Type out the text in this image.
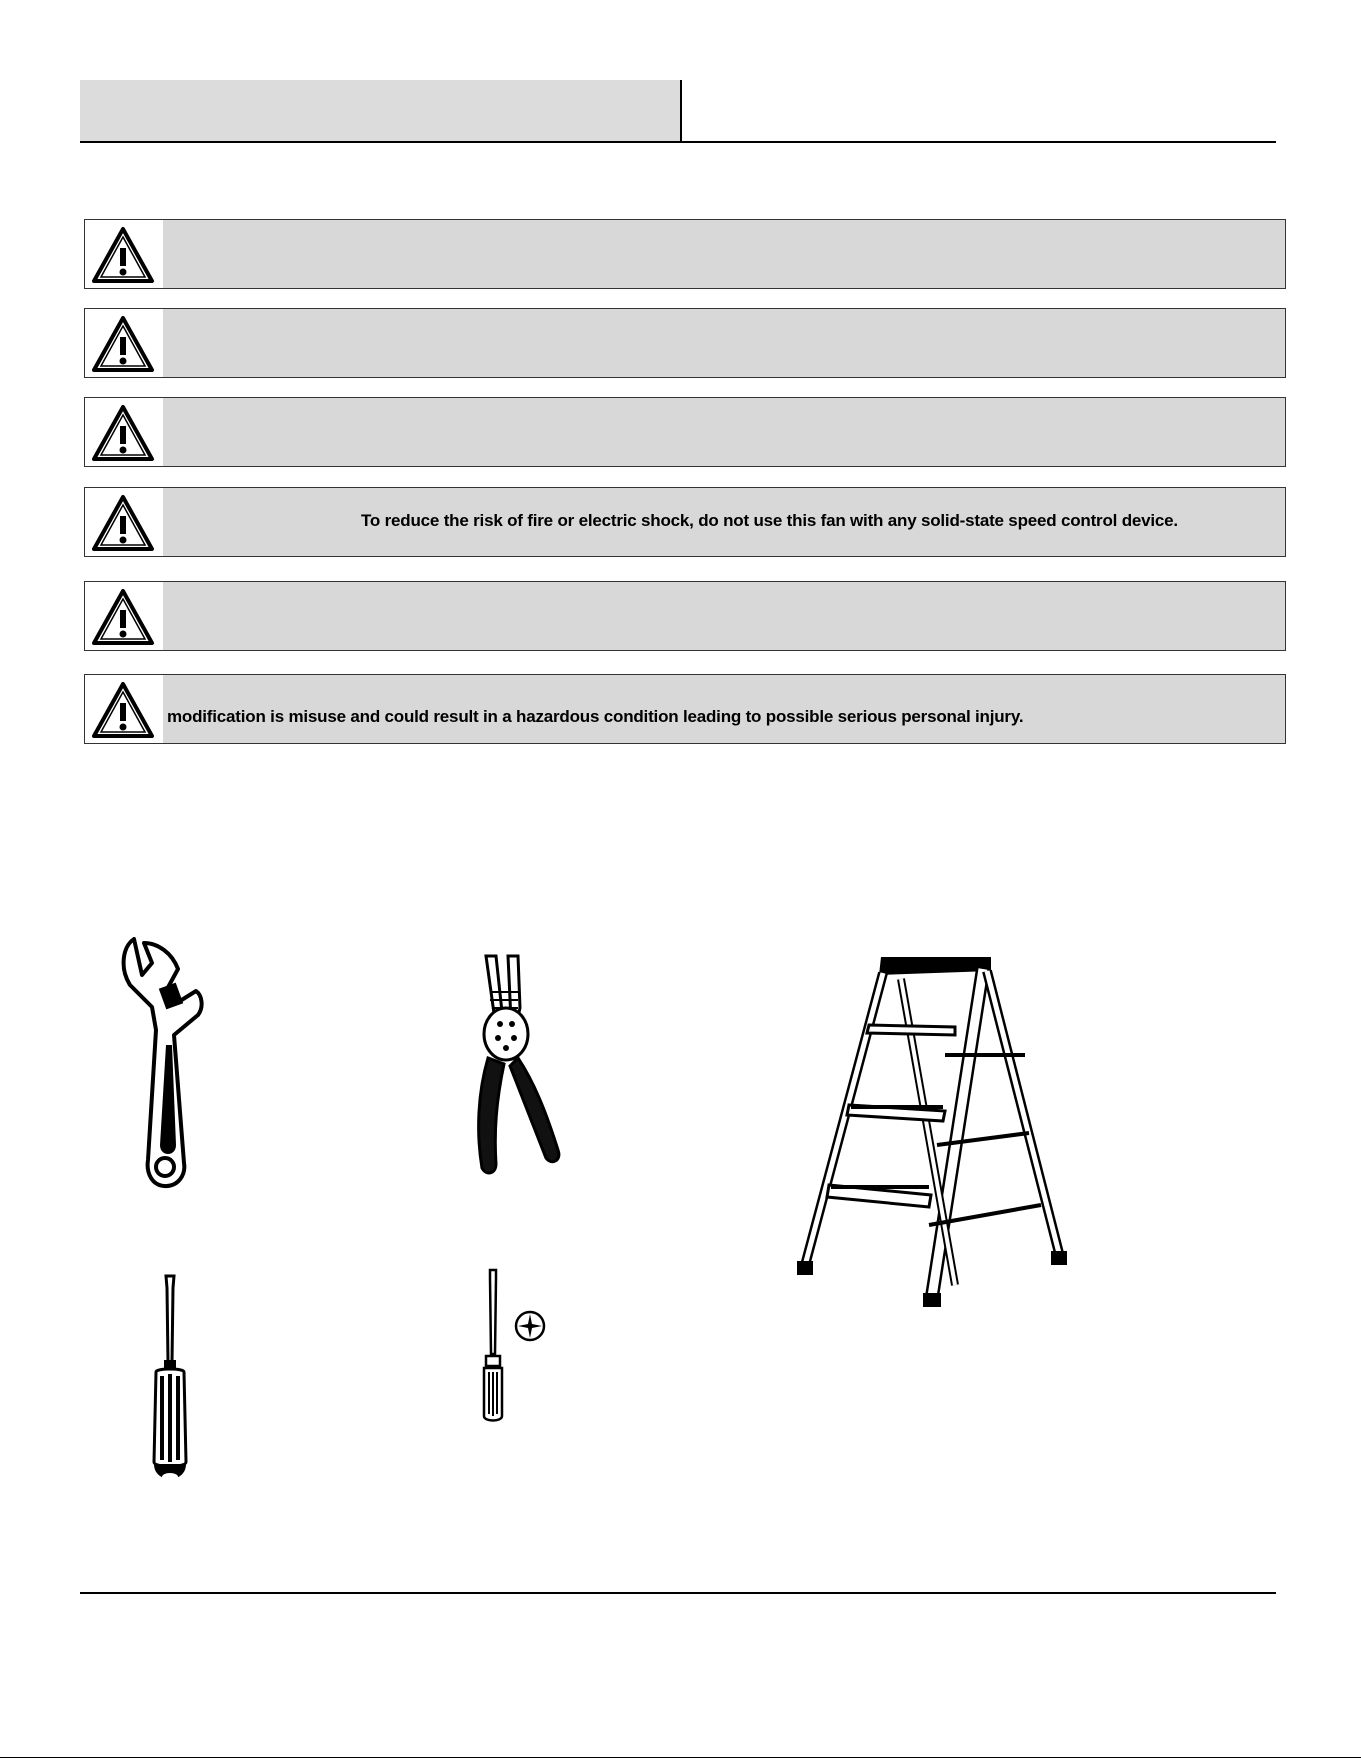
To reduce the risk of fire or electric shock, do not use this fan with any solid-state speed control device.
modification is misuse and could result in a hazardous condition leading to possible serious personal injury.
